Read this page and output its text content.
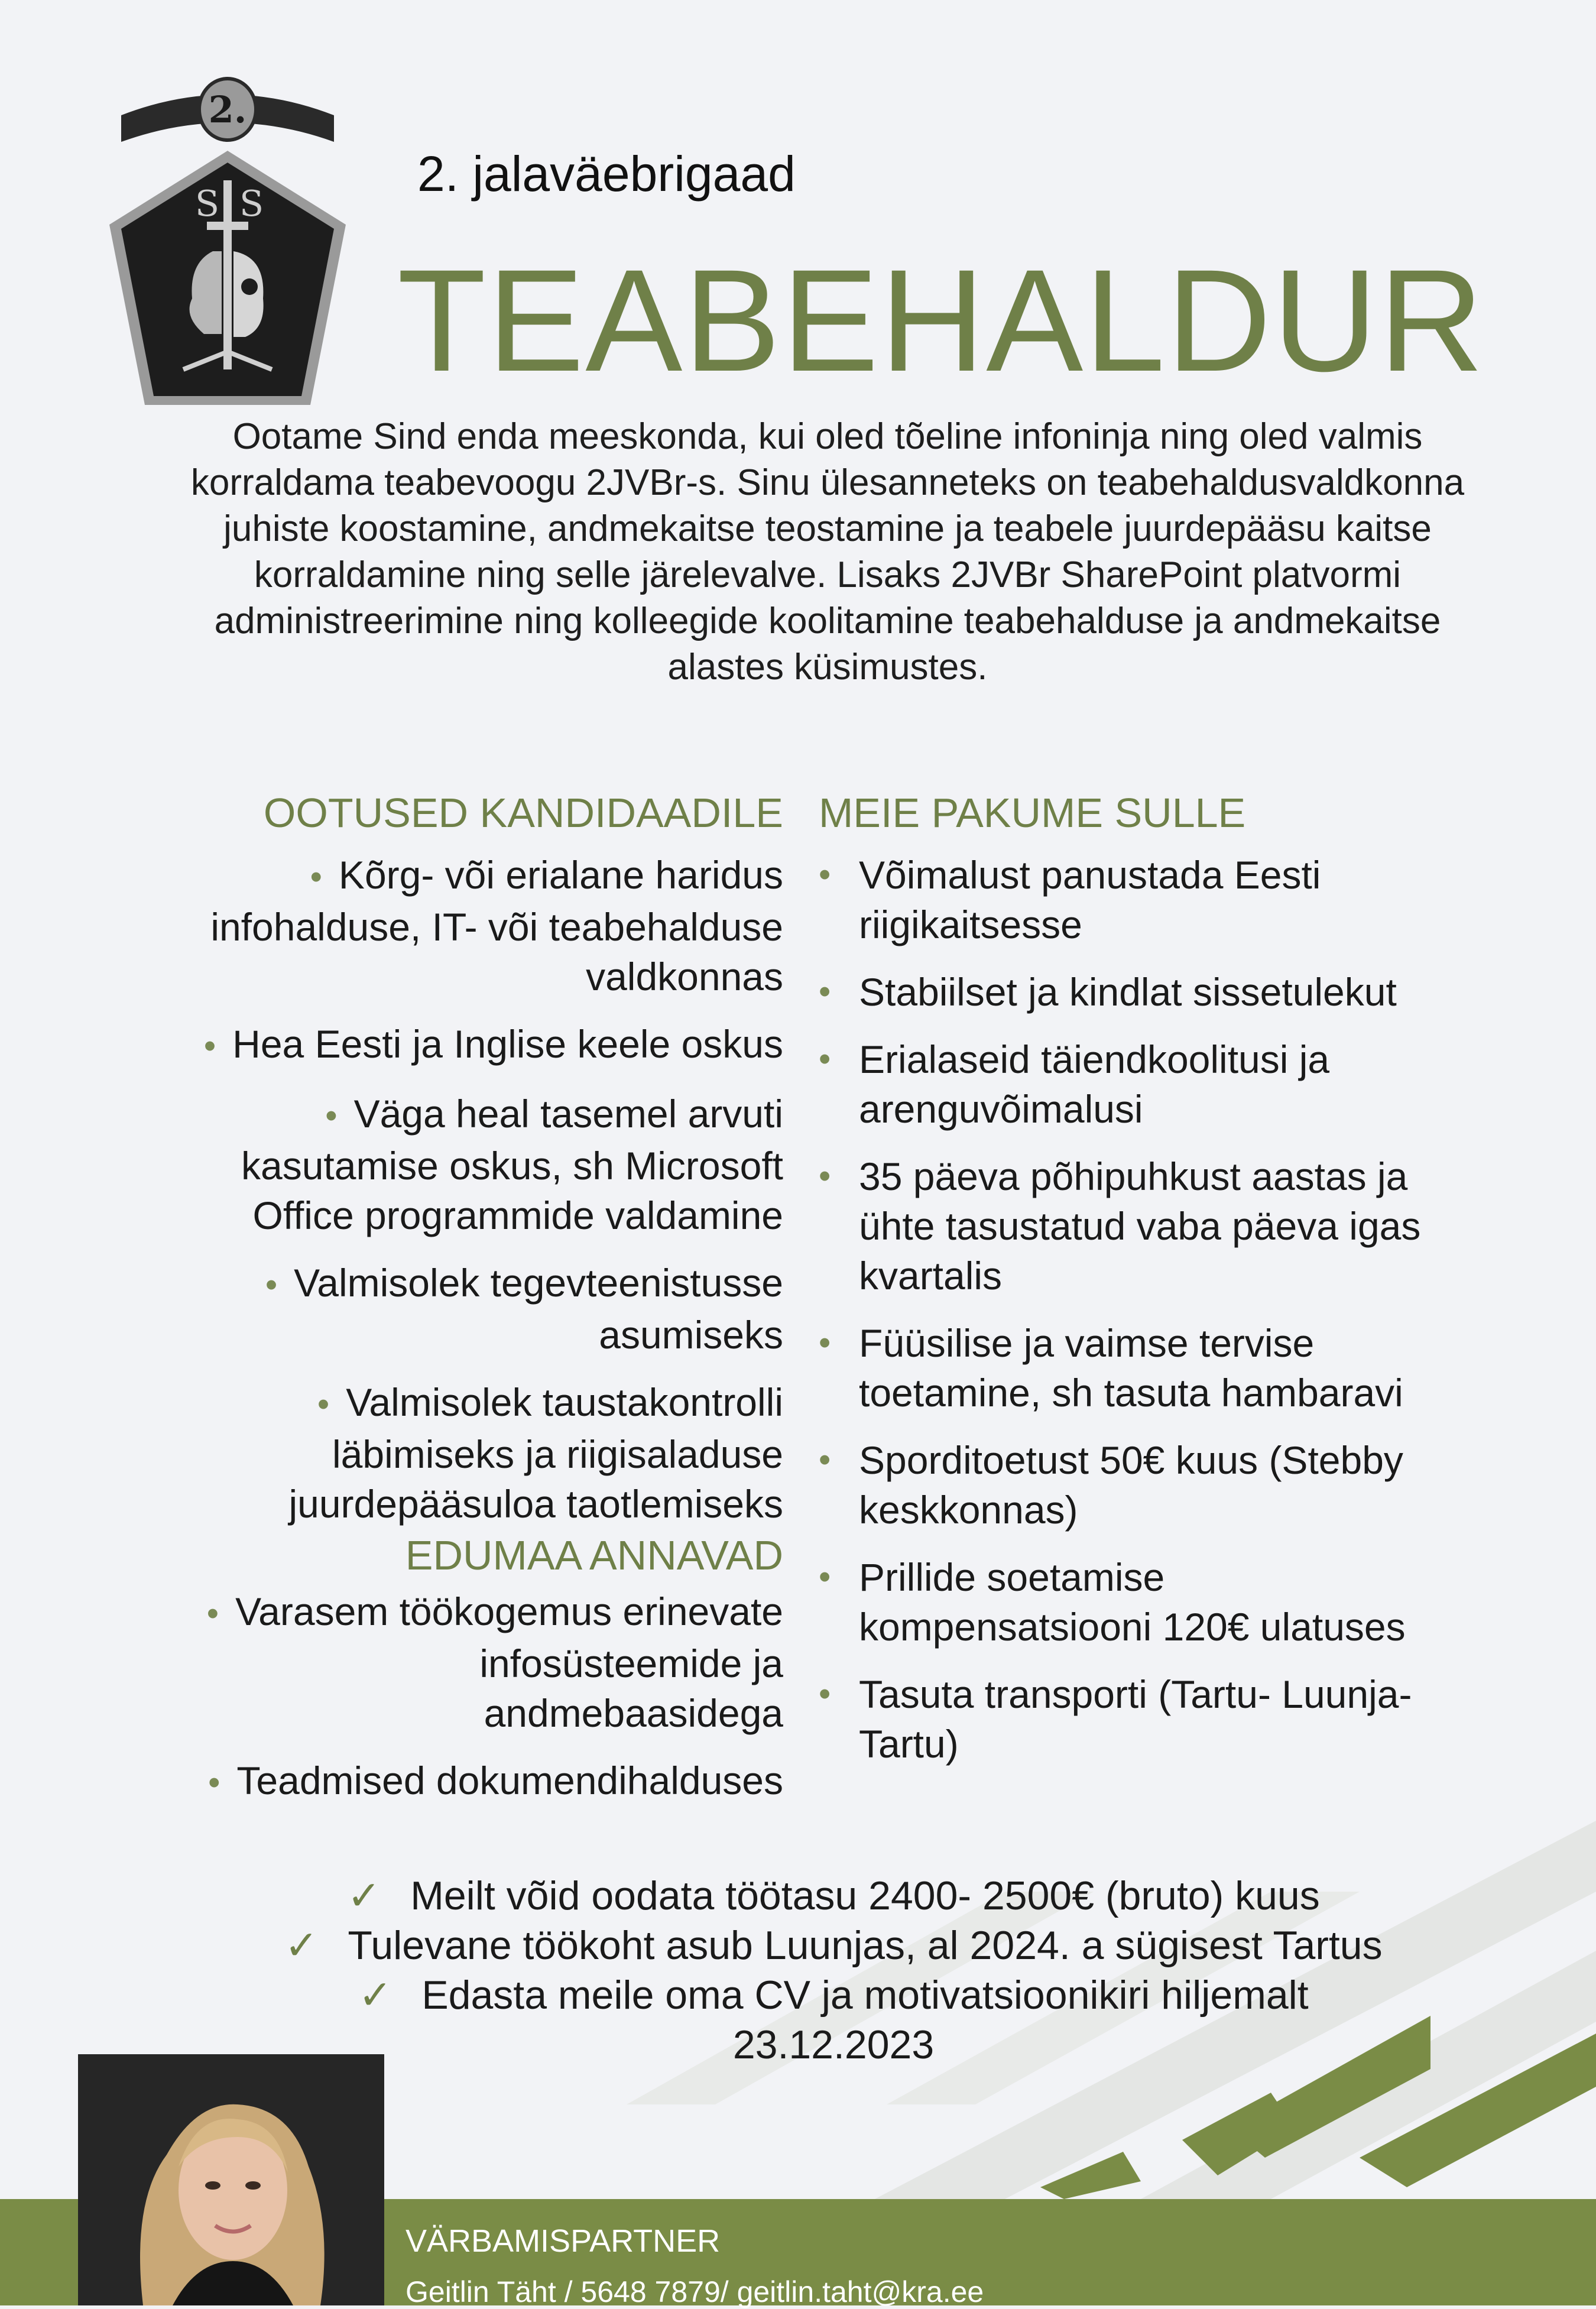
2.
S S
2. jalaväebrigaad
TEABEHALDUR
Ootame Sind enda meeskonda, kui oled tõeline infoninja ning oled valmis
korraldama teabevoogu 2JVBr-s. Sinu ülesanneteks on teabehaldusvaldkonna
juhiste koostamine, andmekaitse teostamine ja teabele juurdepääsu kaitse
korraldamine ning selle järelevalve. Lisaks 2JVBr SharePoint platvormi
administreerimine ning kolleegide koolitamine teabehalduse ja andmekaitse
alastes küsimustes.
OOTUSED KANDIDAADILE
• Kõrg- või erialane haridus
infohalduse, IT- või teabehalduse
valdkonnas
• Hea Eesti ja Inglise keele oskus
• Väga heal tasemel arvuti
kasutamise oskus, sh Microsoft
Office programmide valdamine
• Valmisolek tegevteenistusse
asumiseks
• Valmisolek taustakontrolli
läbimiseks ja riigisaladuse
juurdepääsuloa taotlemiseks
EDUMAA ANNAVAD
• Varasem töökogemus erinevate
infosüsteemide ja
andmebaasidega
• Teadmised dokumendihalduses
MEIE PAKUME SULLE
• Võimalust panustada Eesti
riigikaitsesse
• Stabiilset ja kindlat sissetulekut
• Erialaseid täiendkoolitusi ja
arenguvõimalusi
• 35 päeva põhipuhkust aastas ja
ühte tasustatud vaba päeva igas
kvartalis
• Füüsilise ja vaimse tervise
toetamine, sh tasuta hambaravi
• Sporditoetust 50€ kuus (Stebby
keskkonnas)
• Prillide soetamise
kompensatsiooni 120€ ulatuses
• Tasuta transporti (Tartu- Luunja-
Tartu)
✓ Meilt võid oodata töötasu 2400- 2500€ (bruto) kuus
✓ Tulevane töökoht asub Luunjas, al 2024. a sügisest Tartus
✓ Edasta meile oma CV ja motivatsioonikiri hiljemalt
23.12.2023
VÄRBAMISPARTNER
Geitlin Täht / 5648 7879/ geitlin.taht@kra.ee
